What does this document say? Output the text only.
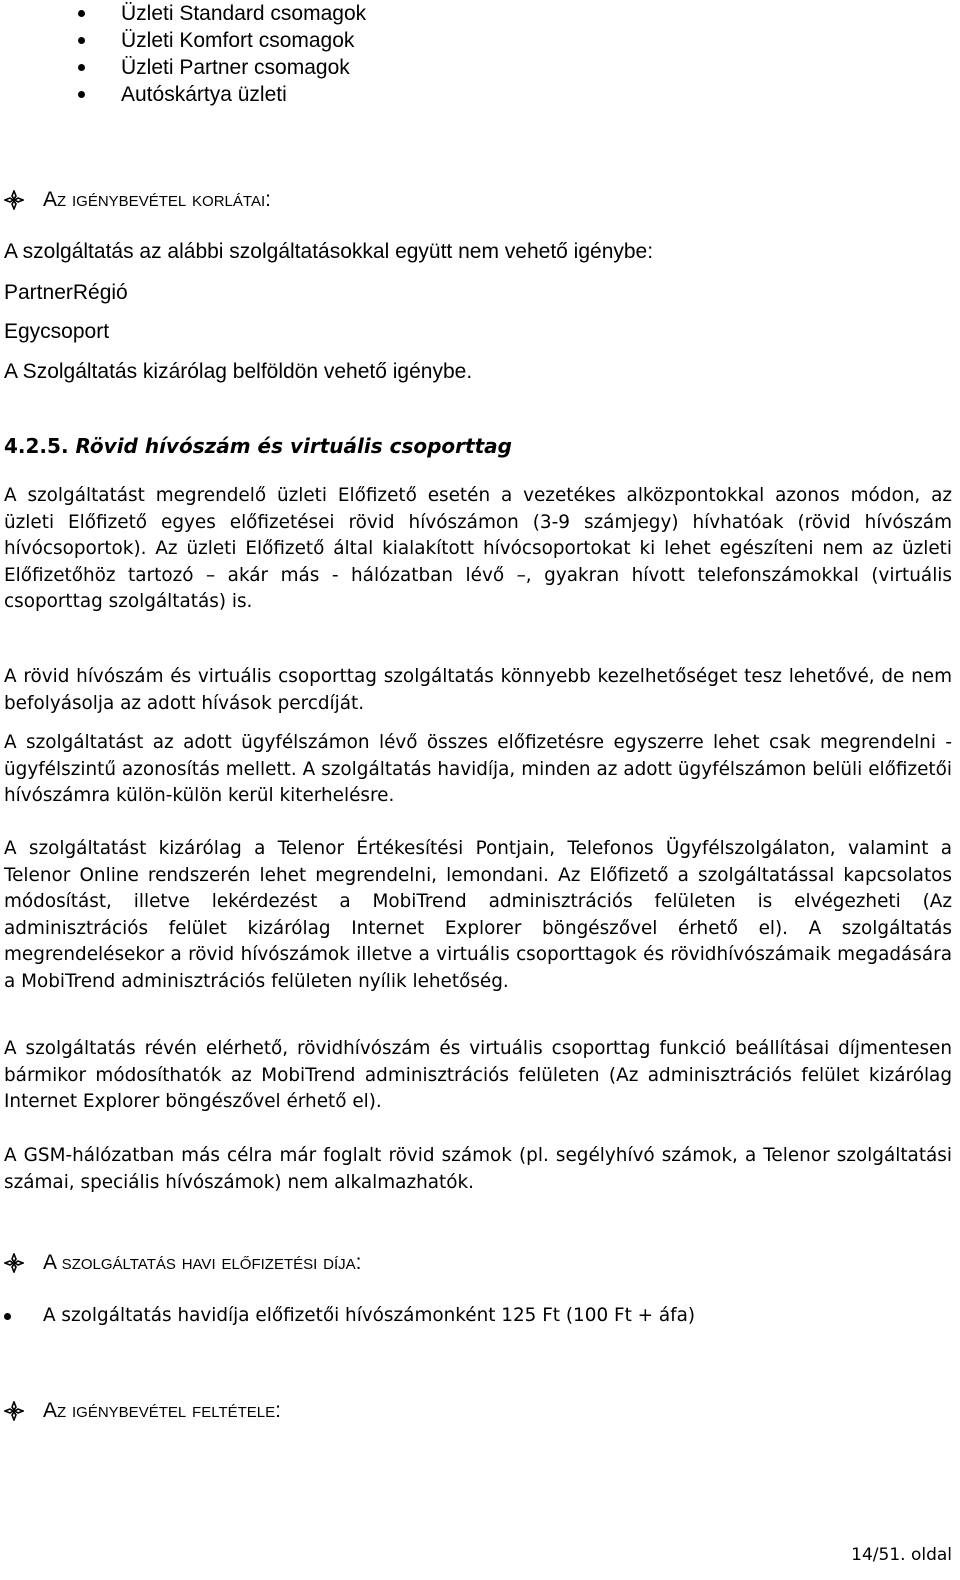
Üzleti Standard csomagok
Üzleti Komfort csomagok
Üzleti Partner csomagok
Autóskártya üzleti
Az igénybevétel korlátai:
A szolgáltatás az alábbi szolgáltatásokkal együtt nem vehető igénybe:
PartnerRégió
Egycsoport
A Szolgáltatás kizárólag belföldön vehető igénybe.
4.2.5. Rövid hívószám és virtuális csoporttag

A szolgáltatást megrendelő üzleti Előfizető esetén a vezetékes alközpontokkal azonos módon, az üzleti Előfizető egyes előfizetései rövid hívószámon (3-9 számjegy) hívhatóak (rövid hívószám hívócsoportok). Az üzleti Előfizető által kialakított hívócsoportokat ki lehet egészíteni nem az üzleti Előfizetőhöz tartozó – akár más - hálózatban lévő –, gyakran hívott telefonszámokkal (virtuális csoporttag szolgáltatás) is.

A rövid hívószám és virtuális csoporttag szolgáltatás könnyebb kezelhetőséget tesz lehetővé, de nem befolyásolja az adott hívások percdíját.

A szolgáltatást az adott ügyfélszámon lévő összes előfizetésre egyszerre lehet csak megrendelni - ügyfélszintű azonosítás mellett. A szolgáltatás havidíja, minden az adott ügyfélszámon belüli előfizetői hívószámra külön-külön kerül kiterhelésre.

A szolgáltatást kizárólag a Telenor Értékesítési Pontjain, Telefonos Ügyfélszolgálaton, valamint a Telenor Online rendszerén lehet megrendelni, lemondani. Az Előfizető a szolgáltatással kapcsolatos módosítást, illetve lekérdezést a MobiTrend adminisztrációs felületen is elvégezheti (Az adminisztrációs felület kizárólag Internet Explorer böngészővel érhető el). A szolgáltatás megrendelésekor a rövid hívószámok illetve a virtuális csoporttagok és rövidhívószámaik megadására a MobiTrend adminisztrációs felületen nyílik lehetőség.

A szolgáltatás révén elérhető, rövidhívószám és virtuális csoporttag funkció beállításai díjmentesen bármikor módosíthatók az MobiTrend adminisztrációs felületen (Az adminisztrációs felület kizárólag Internet Explorer böngészővel érhető el).

A GSM-hálózatban más célra már foglalt rövid számok (pl. segélyhívó számok, a Telenor szolgáltatási számai, speciális hívószámok) nem alkalmazhatók.

A szolgáltatás havi előfizetési díja:
A szolgáltatás havidíja előfizetői hívószámonként 125 Ft (100 Ft + áfa)
Az igénybevétel feltétele:
14/51. oldal
